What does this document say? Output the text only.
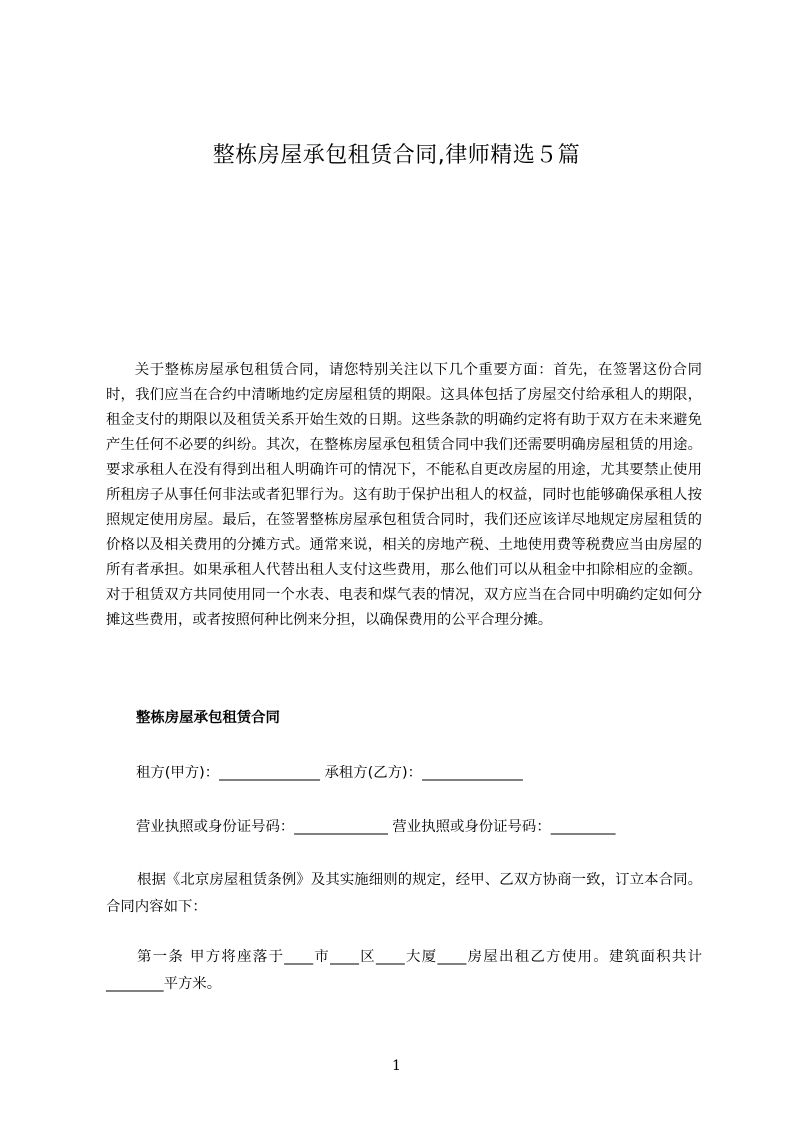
整栋房屋承包租赁合同,律师精选５篇

关于整栋房屋承包租赁合同，请您特别关注以下几个重要方面：首先，在签署这份合同时，我们应当在合约中清晰地约定房屋租赁的期限。这具体包括了房屋交付给承租人的期限，租金支付的期限以及租赁关系开始生效的日期。这些条款的明确约定将有助于双方在未来避免产生任何不必要的纠纷。其次，在整栋房屋承包租赁合同中我们还需要明确房屋租赁的用途。要求承租人在没有得到出租人明确许可的情况下，不能私自更改房屋的用途，尤其要禁止使用所租房子从事任何非法或者犯罪行为。这有助于保护出租人的权益，同时也能够确保承租人按照规定使用房屋。最后，在签署整栋房屋承包租赁合同时，我们还应该详尽地规定房屋租赁的价格以及相关费用的分摊方式。通常来说，相关的房地产税、土地使用费等税费应当由房屋的所有者承担。如果承租人代替出租人支付这些费用，那么他们可以从租金中扣除相应的金额。对于租赁双方共同使用同一个水表、电表和煤气表的情况，双方应当在合同中明确约定如何分摊这些费用，或者按照何种比例来分担，以确保费用的公平合理分摊。

整栋房屋承包租赁合同

租方(甲方)：______________ 承租方(乙方)：______________

营业执照或身份证号码：_____________ 营业执照或身份证号码：_________

根据《北京房屋租赁条例》及其实施细则的规定，经甲、乙双方协商一致，订立本合同。合同内容如下：

第一条 甲方将座落于____市____区____大厦____房屋出租乙方使用。建筑面积共计________平方米。

1
